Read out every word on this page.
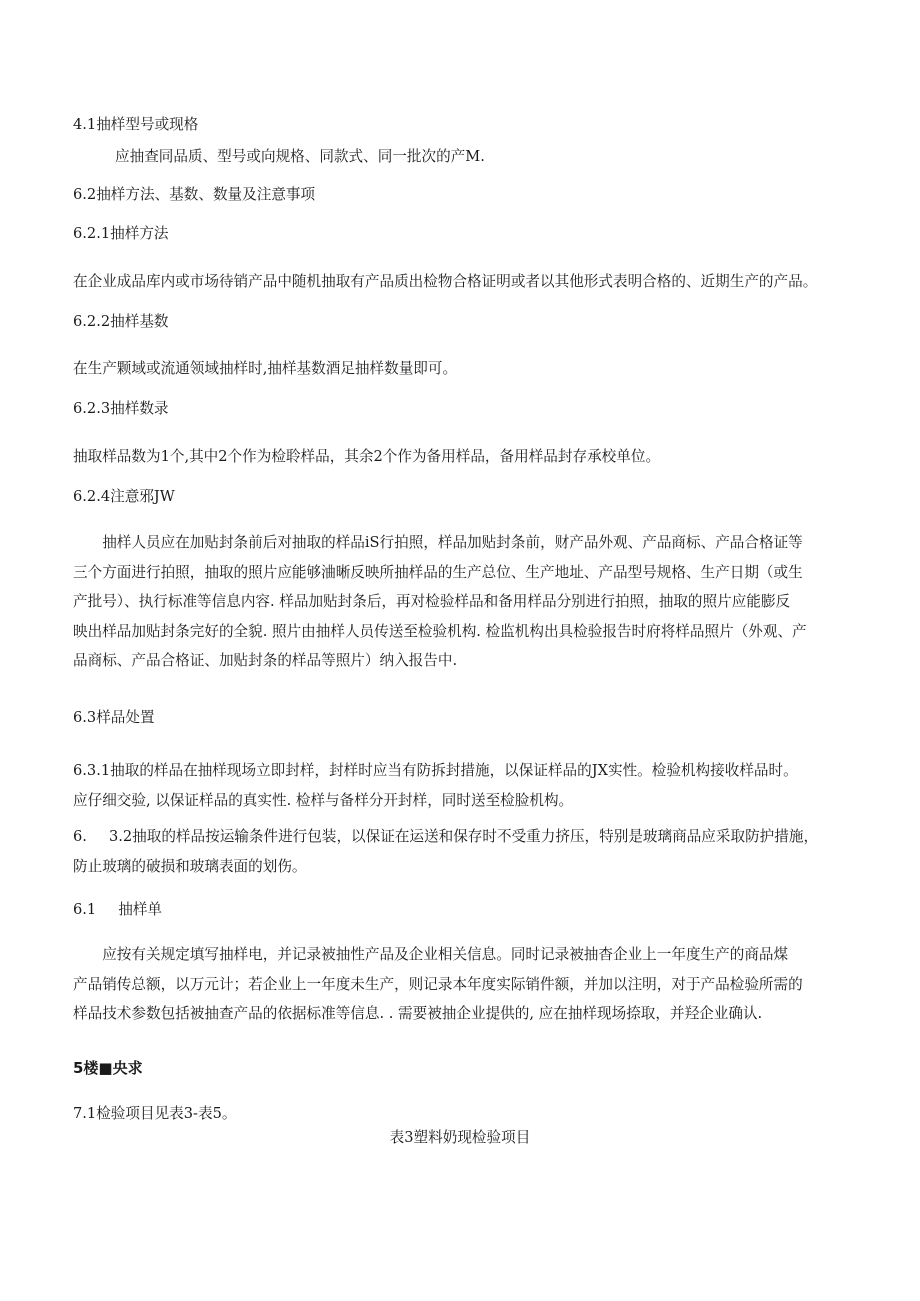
4.1抽样型号或现格
应抽查同品质、型号或向规格、同款式、同一批次的产M.
6.2抽样方法、基数、数量及注意事项
6.2.1抽样方法
在企业成品库内或市场待销产品中随机抽取有产品质出检物合格证明或者以其他形式表明合格的、近期生产的产品。
6.2.2抽样基数
在生产颗域或流通领域抽样时,抽样基数酒足抽样数量即可。
6.2.3抽样数录
抽取样品数为1个,其中2个作为检聆样品，其余2个作为备用样品，备用样品封存承校单位。
6.2.4注意邪JW
　　抽样人员应在加贴封条前后对抽取的样品iS行拍照，样品加贴封条前，财产品外观、产品商标、产品合格证等
三个方面进行拍照，抽取的照片应能够浀晰反映所抽样品的生产总位、生产地址、产品型号规格、生产日期（或生
产批号）、执行标准等信息内容. 样品加贴封条后，再对检验样品和备用样品分别进行拍照，抽取的照片应能膨反
映出样品加贴封条完好的全貌. 照片由抽样人员传送至检验机构. 检监机构出具检验报告时府将样品照片（外观、产
品商标、产品合格证、加贴封条的样品等照片）纳入报告中.
6.3样品处置
6.3.1抽取的样品在抽样现场立即封样，封样时应当有防拆封措施，以保证样品的JX实性。检验机构接收样品时。
应仔细交验, 以保证样品的真实性. 检样与备样分开封样，同时送至检脸机构。
6. 3.2抽取的样品按运输条件进行包装，以保证在运送和保存时不受重力挤压，特别是玻璃商品应采取防护措施，
防止玻璃的破损和玻璃表面的划伤。
6.1 抽样单
　　应按有关规定填写抽样电，并记录被抽性产品及企业相关信息。同时记录被抽杳企业上一年度生产的商品煤
产品销传总额，以万元计；若企业上一年度未生产，则记录本年度实际销件额，并加以注明，对于产品检验所需的
样品技术参数包括被抽查产品的依据标准等信息. . 需要被抽企业提供的, 应在抽样现场捺取，并羟企业确认.
5楼■央求
7.1检验项目见表3-表5。
表3塑料奶现检验项目
